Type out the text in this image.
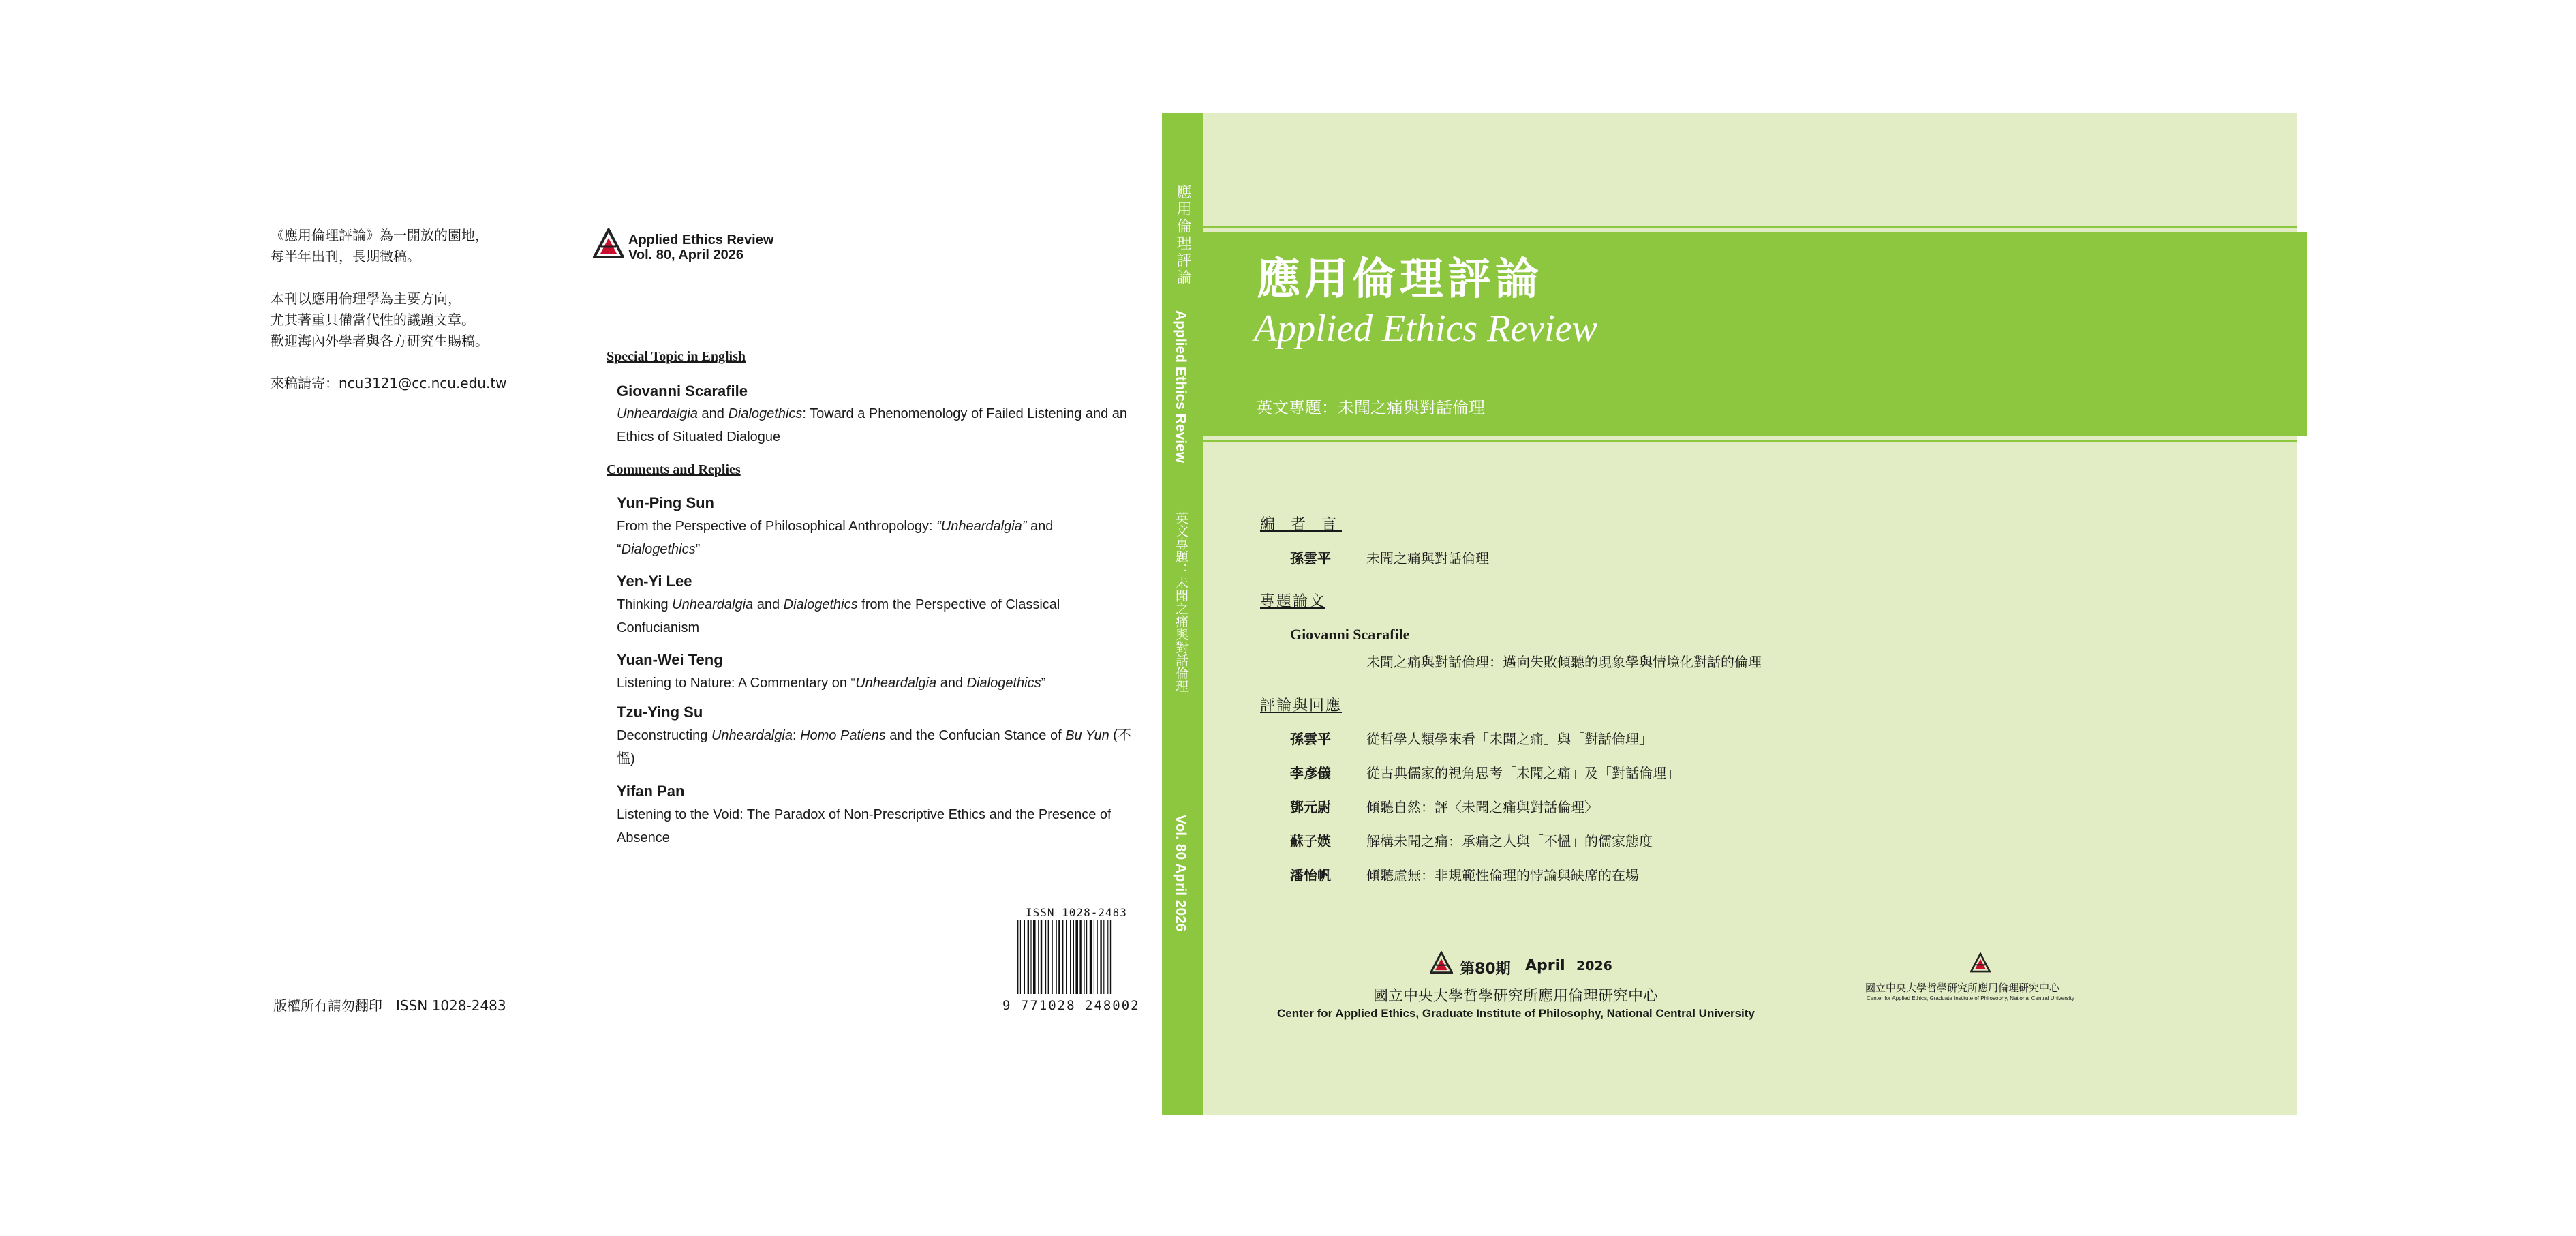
《應用倫理評論》為一開放的園地，
每半年出刊，長期徵稿。
本刊以應用倫理學為主要方向，
尤其著重具備當代性的議題文章。
歡迎海內外學者與各方研究生賜稿。
來稿請寄：ncu3121@cc.ncu.edu.tw
版權所有請勿翻印　ISSN 1028-2483
Applied Ethics Review
Vol. 80, April 2026
Special Topic in English
Giovanni Scarafile
Unheardalgia and Dialogethics: Toward a Phenomenology of Failed Listening and an Ethics of Situated Dialogue
Comments and Replies
Yun-Ping Sun
From the Perspective of Philosophical Anthropology: “Unheardalgia” and “Dialogethics”
Yen-Yi Lee
Thinking Unheardalgia and Dialogethics from the Perspective of Classical Confucianism
Yuan-Wei Teng
Listening to Nature: A Commentary on “Unheardalgia and Dialogethics”
Tzu-Ying Su
Deconstructing Unheardalgia: Homo Patiens and the Confucian Stance of Bu Yun (不慍)
Yifan Pan
Listening to the Void: The Paradox of Non-Prescriptive Ethics and the Presence of Absence
ISSN 1028-2483
9 771028 248002
應用倫理評論
Applied Ethics Review
英文專題：未聞之痛與對話倫理
Vol. 80 April 2026
應用倫理評論
Applied Ethics Review
英文專題：未聞之痛與對話倫理
編 者 言
孫雲平	未聞之痛與對話倫理
專題論文
Giovanni Scarafile
未聞之痛與對話倫理：邁向失敗傾聽的現象學與情境化對話的倫理
評論與回應
孫雲平	從哲學人類學來看「未聞之痛」與「對話倫理」
李彥儀	從古典儒家的視角思考「未聞之痛」及「對話倫理」
鄧元尉	傾聽自然：評〈未聞之痛與對話倫理〉
蘇子媖	解構未聞之痛：承痛之人與「不慍」的儒家態度
潘怡帆	傾聽虛無：非規範性倫理的悖論與缺席的在場
第80期 April 2026
國立中央大學哲學研究所應用倫理研究中心
Center for Applied Ethics, Graduate Institute of Philosophy, National Central University
國立中央大學哲學研究所應用倫理研究中心
Center for Applied Ethics, Graduate Institute of Philosophy, National Central University
